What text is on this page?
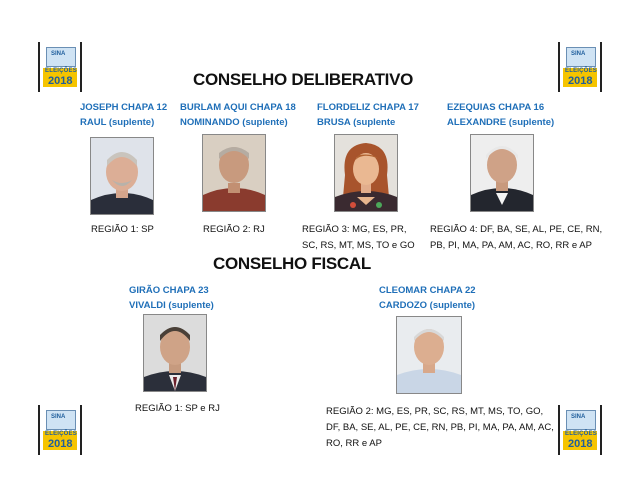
SINA
ELEIÇÕES
2018
SINA
ELEIÇÕES
2018
SINA
ELEIÇÕES
2018
SINA
ELEIÇÕES
2018
CONSELHO DELIBERATIVO
CONSELHO FISCAL
JOSEPH CHAPA 12
RAUL (suplente)
REGIÃO 1: SP
BURLAM AQUI CHAPA 18
NOMINANDO (suplente)
REGIÃO 2: RJ
FLORDELIZ CHAPA 17
BRUSA (suplente
REGIÃO 3: MG, ES, PR, SC, RS, MT, MS, TO e GO
EZEQUIAS CHAPA 16
ALEXANDRE (suplente)
REGIÃO 4: DF, BA, SE, AL, PE, CE, RN, PB, PI, MA, PA, AM, AC, RO, RR e AP
GIRÃO CHAPA 23
VIVALDI (suplente)
REGIÃO 1: SP e RJ
CLEOMAR CHAPA 22
CARDOZO (suplente)
REGIÃO 2: MG, ES, PR, SC, RS, MT, MS, TO, GO, DF, BA, SE, AL, PE, CE, RN, PB, PI, MA, PA, AM, AC, RO, RR e AP
